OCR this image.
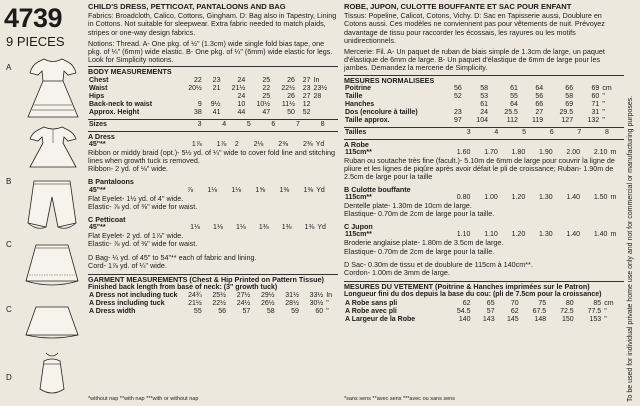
4739
9 PIECES
A
B
C
C
D
CHILD'S DRESS, PETTICOAT, PANTALOONS AND BAG
Fabrics: Broadcloth, Calico, Cottons, Gingham. D: Bag also in Tapestry, Lining in Cottons. Not suitable for sleepwear. Extra fabric needed to match plaids, stripes or one-way design fabrics.
Notions: Thread. A- One pkg. of ½" (1.3cm) wide single fold bias tape, one pkg. of ¼" (6mm) wide elastic. B- One pkg. of ¼" (6mm) wide elastic for legs. Look for Simplicity notions.
BODY MEASUREMENTS
Chest	22	23	24	25	26	27	In
Waist	20½	21	21½	22	22½	23	23½
Hips			24	25	26	27	28
Back-neck to waist	9	9½	10	10½	11½	12	
Approx. Height	38	41	44	47	50	52	
Sizes	3	4	5	6	7	8	
A Dress
45"**	1⅞	1⅞	2	2⅛	2⅜	2⅜	Yd
Ribbon or middy braid (opt.)- 5½ yd. of ¼" wide to cover fold line and stitching lines when growth tuck is removed.
Ribbon- 2 yd. of ⅛" wide.
B Pantaloons
45"**	⅞	1⅛	1⅛	1⅝	1⅜	1⅜	Yd
Flat Eyelet- 1½ yd. of 4" wide.
Elastic- ⅞ yd. of ⅜" wide for waist.
C Petticoat
45"**	1⅛	1⅛	1⅛	1⅜	1⅜	1⅜	Yd
Flat Eyelet- 2 yd. of 1⅞" wide.
Elastic- ⅞ yd. of ⅜" wide for waist.
D Bag- ¼ yd. of 45" to 54"** each of fabric and lining.
Cord- 1⅞ yd. of ¼" wide.
GARMENT MEASUREMENTS (Chest & Hip Printed on Pattern Tissue)
Finished back length from base of neck: (3" growth tuck)
A Dress not including tuck	24¾	25½	27½	29½	31½	33½	In
A Dress including tuck	21½	22½	24½	26½	28½	30½	"
A Dress width	55	56	57	58	59	60	"
*without nap **with nap ***with or without nap
ROBE, JUPON, CULOTTE BOUFFANTE ET SAC POUR ENFANT
Tissus: Popeline, Calicot, Cotons, Vichy. D: Sac en Tapisserie aussi, Doublure en Cotons aussi. Ces modèles ne conviennent pas pour vêtements de nuit. Prévoyez davantage de tissu pour raccorder les écossais, les rayures ou les motifs unidirectionnels.
Mercerie: Fil. A- Un paquet de ruban de biais simple de 1.3cm de large, un paquet d'élastique de 6mm de large. B- Un paquet d'élastique de 6mm de large pour les jambes. Demandez la mercerie de Simplicity.
MESURES NORMALISEES
Poitrine	56	58	61	64	66	69	cm
Taille	52	53	55	56	58	60	"
Hanches		61	64	66	69	71	"
Dos (encolure à taille)	23	24	25.5	27	29.5	31	"
Taille approx.	97	104	112	119	127	132	"
Tailles	3	4	5	6	7	8	
A Robe
115cm**	1.60	1.70	1.80	1.90	2.00	2.10	m
Ruban ou soutache très fine (facult.)- 5.10m de 6mm de large pour couvrir la ligne de pliure et les lignes de piqûre après avoir défait le pli de croissance; Ruban- 1.90m de 2.5cm de large pour la taille
B Culotte bouffante
115cm**	0.80	1.00	1.20	1.30	1.40	1.50	m
Dentelle plate- 1.30m de 10cm de large.
Elastique- 0.70m de 2cm de large pour la taille.
C Jupon
115cm**	1.10	1.10	1.20	1.30	1.40	1.40	m
Broderie anglaise plate- 1.80m de 3.5cm de large.
Elastique- 0.70m de 2cm de large pour la taille.
D Sac- 0.30m de tissu et de doublure de 115cm à 140cm**.
Cordon- 1.00m de 3mm de large.
MESURES DU VETEMENT (Poitrine & Hanches imprimées sur le Patron)
Longueur fini du dos depuis la base du cou: (pli de 7.5cm pour la croissance)
A Robe sans pli	62	65	70	75	80	85	cm
A Robe avec pli	54.5	57	62	67.5	72.5	77.5	"
A Largeur de la Robe	140	143	145	148	150	153	"
*sans sens **avec sens ***avec ou sans sens	To be used for individual private home use only and not for commercial or manufacturing purposes.
